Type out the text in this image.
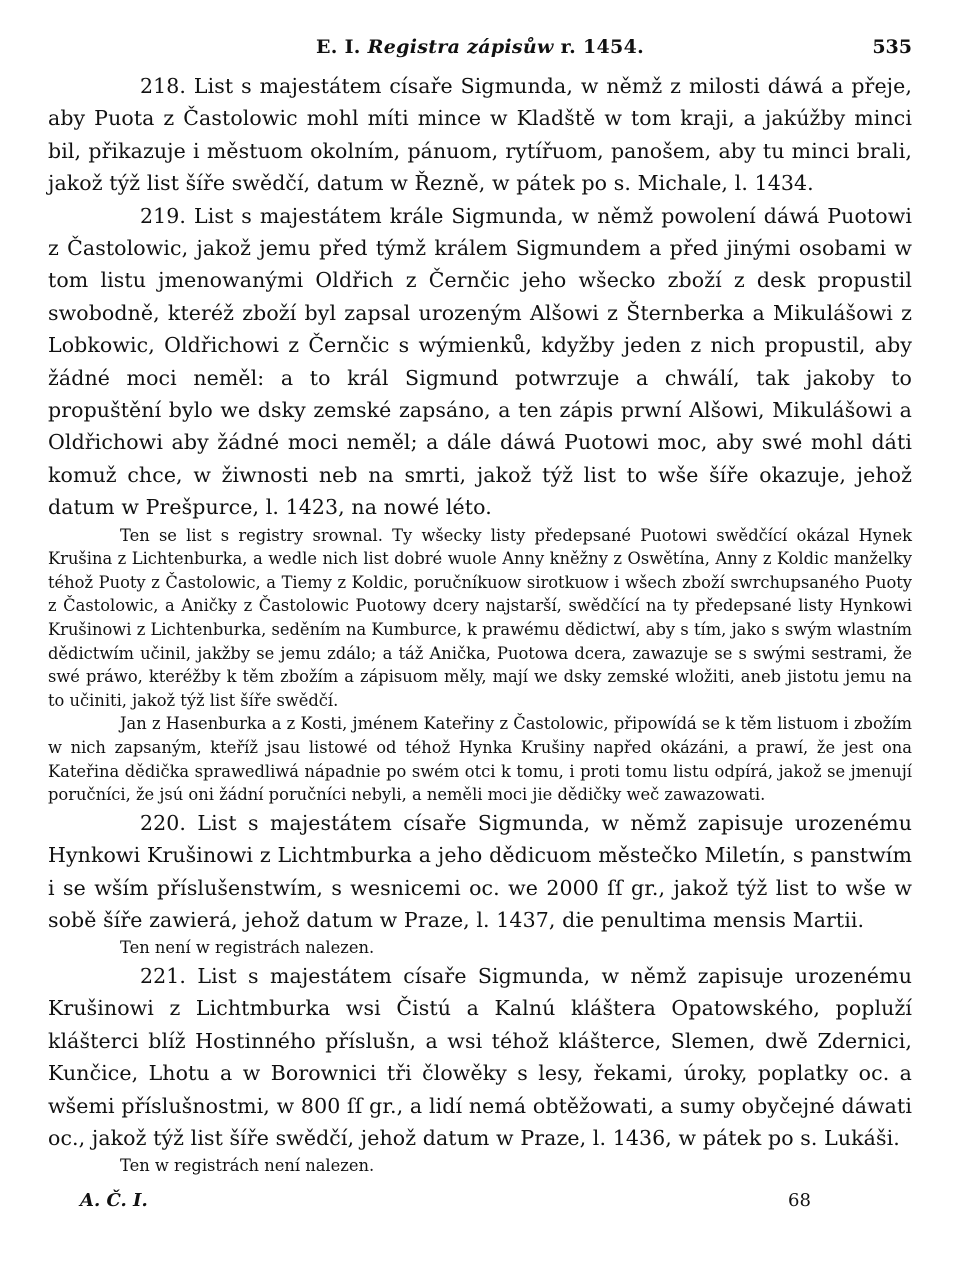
E. I. Registra zápisůw r. 1454.	535

218. List s majestátem císaře Sigmunda, w němž z milosti dáwá a přeje, aby Puota z Častolowic mohl míti mince w Kladště w tom kraji, a jakúžby minci bil, přikazuje i městuom okolním, pánuom, rytířuom, panošem, aby tu minci brali, jakož týž list šíře swědčí, datum w Řezně, w pátek po s. Michale, l. 1434.

219. List s majestátem krále Sigmunda, w němž powolení dáwá Puotowi z Častolowic, jakož jemu před týmž králem Sigmundem a před jinými osobami w tom listu jmenowanými Oldřich z Černčic jeho wšecko zboží z desk propustil swobodně, kteréž zboží byl zapsal urozeným Alšowi z Šternberka a Mikulášowi z Lobkowic, Oldřichowi z Černčic s wýmienků, kdyžby jeden z nich propustil, aby žádné moci neměl: a to král Sigmund potwrzuje a chwálí, tak jakoby to propuštění bylo we dsky zemské zapsáno, a ten zápis prwní Alšowi, Mikulášowi a Oldřichowi aby žádné moci neměl; a dále dáwá Puotowi moc, aby swé mohl dáti komuž chce, w žiwnosti neb na smrti, jakož týž list to wše šíře okazuje, jehož datum w Prešpurce, l. 1423, na nowé léto.

Ten se list s registry srownal. Ty wšecky listy předepsané Puotowi swědčící okázal Hynek Krušina z Lichtenburka, a wedle nich list dobré wuole Anny kněžny z Oswětína, Anny z Koldic manželky téhož Puoty z Častolowic, a Tiemy z Koldic, poručníkuow sirotkuow i wšech zboží swrchupsaného Puoty z Častolowic, a Aničky z Častolowic Puotowy dcery najstarší, swědčící na ty předepsané listy Hynkowi Krušinowi z Lichtenburka, seděním na Kumburce, k prawému dědictwí, aby s tím, jako s swým wlastním dědictwím učinil, jakžby se jemu zdálo; a táž Anička, Puotowa dcera, zawazuje se s swými sestrami, že swé práwo, kteréžby k těm zbožím a zápisuom měly, mají we dsky zemské wložiti, aneb jistotu jemu na to učiniti, jakož týž list šíře swědčí.

Jan z Hasenburka a z Kosti, jménem Kateřiny z Častolowic, připowídá se k těm listuom i zbožím w nich zapsaným, kteříž jsau listowé od téhož Hynka Krušiny napřed okázáni, a prawí, že jest ona Kateřina dědička sprawedliwá nápadnie po swém otci k tomu, i proti tomu listu odpírá, jakož se jmenují poručníci, že jsú oni žádní poručníci nebyli, a neměli moci jie dědičky weč zawazowati.

220. List s majestátem císaře Sigmunda, w němž zapisuje urozenému Hynkowi Krušinowi z Lichtmburka a jeho dědicuom městečko Miletín, s panstwím i se wším příslušenstwím, s wesnicemi oc. we 2000 ſſ gr., jakož týž list to wše w sobě šíře zawierá, jehož datum w Praze, l. 1437, die penultima mensis Martii.

Ten není w registrách nalezen.

221. List s majestátem císaře Sigmunda, w němž zapisuje urozenému Krušinowi z Lichtmburka wsi Čistú a Kalnú kláštera Opatowského, popluží klášterci blíž Hostinného příslušn, a wsi téhož klášterce, Slemen, dwě Zdernici, Kunčice, Lhotu a w Borownici tři člowěky s lesy, řekami, úroky, poplatky oc. a wšemi příslušnostmi, w 800 ſſ gr., a lidí nemá obtěžowati, a sumy obyčejné dáwati oc., jakož týž list šíře swědčí, jehož datum w Praze, l. 1436, w pátek po s. Lukáši.

Ten w registrách není nalezen.

A. Č. I.	68
